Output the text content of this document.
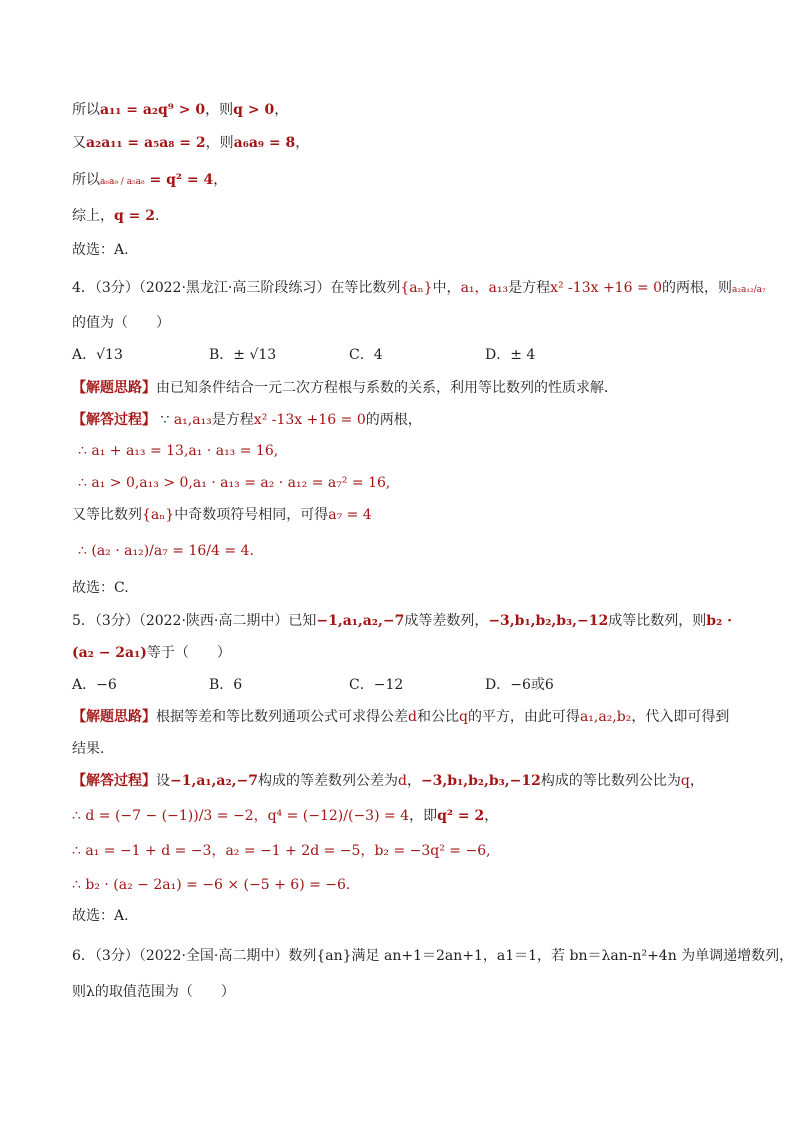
所以a₁₁ = a₂q⁹ > 0，则q > 0，
又a₂a₁₁ = a₅a₈ = 2，则a₆a₉ = 8，
所以a₆a₉ / a₅a₈ = q² = 4，
综上，q = 2.
故选：A.
4．（3分）（2022·黑龙江·高三阶段练习）在等比数列{aₙ}中，a₁，a₁₃是方程x² -13x +16 = 0的两根，则a₂a₁₂/a₇
的值为（　　）
A．√13	B．± √13	C．4	D．± 4
【解题思路】由已知条件结合一元二次方程根与系数的关系，利用等比数列的性质求解．
【解答过程】 ∵ a₁,a₁₃是方程x² -13x +16 = 0的两根，
∴ a₁ + a₁₃ = 13,a₁ · a₁₃ = 16,
∴ a₁ > 0,a₁₃ > 0,a₁ · a₁₃ = a₂ · a₁₂ = a₇² = 16,
又等比数列{aₙ}中奇数项符号相同，可得a₇ = 4
∴ (a₂ · a₁₂)/a₇ = 16/4 = 4.
故选：C.
5．（3分）（2022·陕西·高二期中）已知−1,a₁,a₂,−7成等差数列，−3,b₁,b₂,b₃,−12成等比数列，则b₂ ·
(a₂ − 2a₁)等于（　　）
A．−6	B．6	C．−12	D．−6或6
【解题思路】根据等差和等比数列通项公式可求得公差d和公比q的平方，由此可得a₁,a₂,b₂，代入即可得到
结果.
【解答过程】设−1,a₁,a₂,−7构成的等差数列公差为d，−3,b₁,b₂,b₃,−12构成的等比数列公比为q，
∴ d = (−7 − (−1))/3 = −2，q⁴ = (−12)/(−3) = 4，即q² = 2，
∴ a₁ = −1 + d = −3，a₂ = −1 + 2d = −5，b₂ = −3q² = −6,
∴ b₂ · (a₂ − 2a₁) = −6 × (−5 + 6) = −6.
故选：A.
6．（3分）（2022·全国·高二期中）数列{an}满足 an+1＝2an+1，a1＝1，若 bn＝λan-n²+4n 为单调递增数列，
则λ的取值范围为（　　）
